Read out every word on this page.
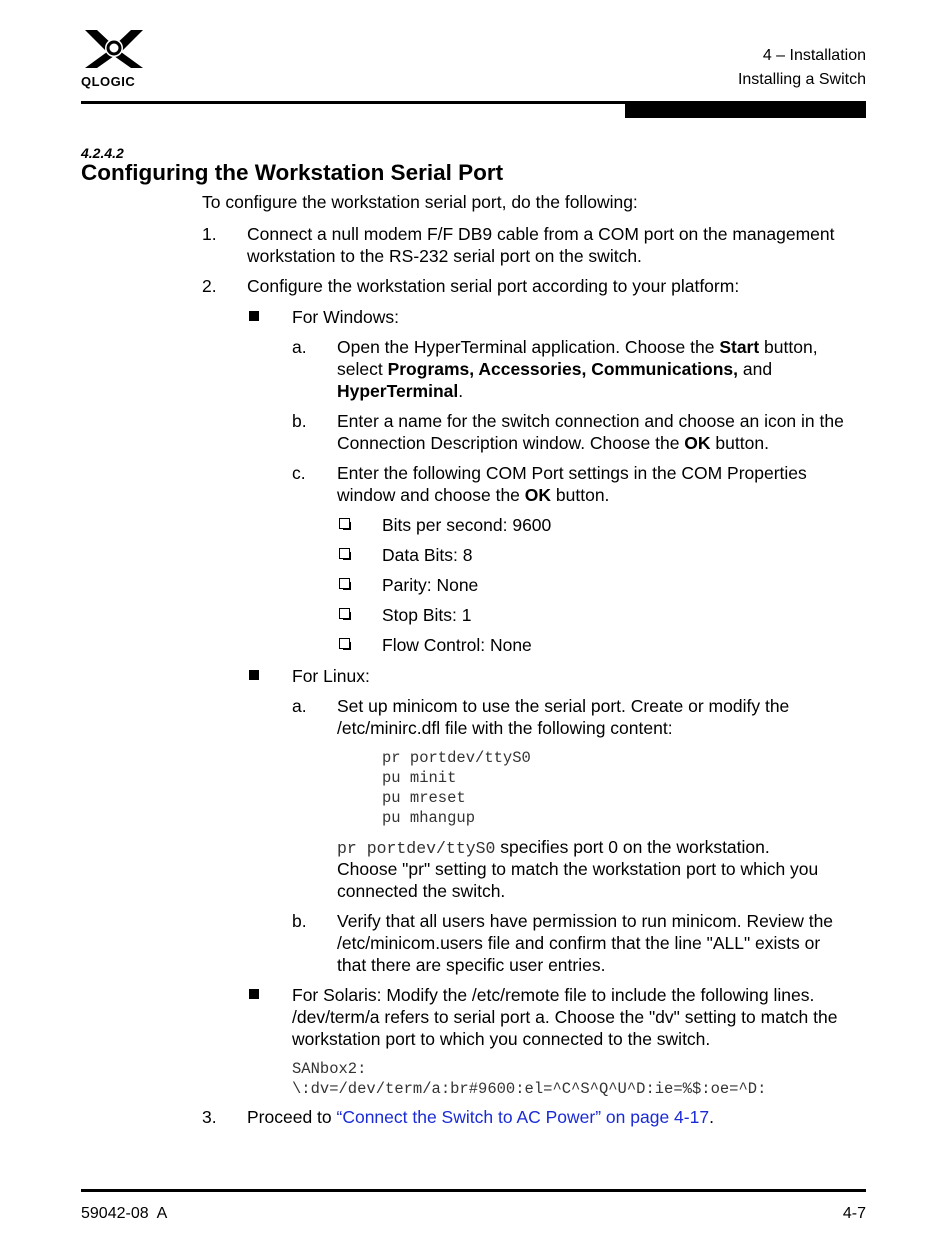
QLOGIC
4 – Installation
Installing a Switch
4.2.4.2
Configuring the Workstation Serial Port
To configure the workstation serial port, do the following:
1.	Connect a null modem F/F DB9 cable from a COM port on the management
workstation to the RS-232 serial port on the switch.
2.	Configure the workstation serial port according to your platform:
For Windows:
a. Open the HyperTerminal application. Choose the Start button,
select Programs, Accessories, Communications, and
HyperTerminal.
b. Enter a name for the switch connection and choose an icon in the
Connection Description window. Choose the OK button.
c. Enter the following COM Port settings in the COM Properties
window and choose the OK button.
Bits per second: 9600
Data Bits: 8
Parity: None
Stop Bits: 1
Flow Control: None
For Linux:
a. Set up minicom to use the serial port. Create or modify the
/etc/minirc.dfl file with the following content:
pr portdev/ttyS0
pu minit
pu mreset
pu mhangup
pr portdev/ttyS0 specifies port 0 on the workstation.
Choose "pr" setting to match the workstation port to which you
connected the switch.
b. Verify that all users have permission to run minicom. Review the
/etc/minicom.users file and confirm that the line "ALL" exists or
that there are specific user entries.
For Solaris: Modify the /etc/remote file to include the following lines.
/dev/term/a refers to serial port a. Choose the "dv" setting to match the
workstation port to which you connected to the switch.
SANbox2:
\:dv=/dev/term/a:br#9600:el=^C^S^Q^U^D:ie=%$:oe=^D:
3.	Proceed to “Connect the Switch to AC Power” on page 4-17.
59042-08  A	4-7
